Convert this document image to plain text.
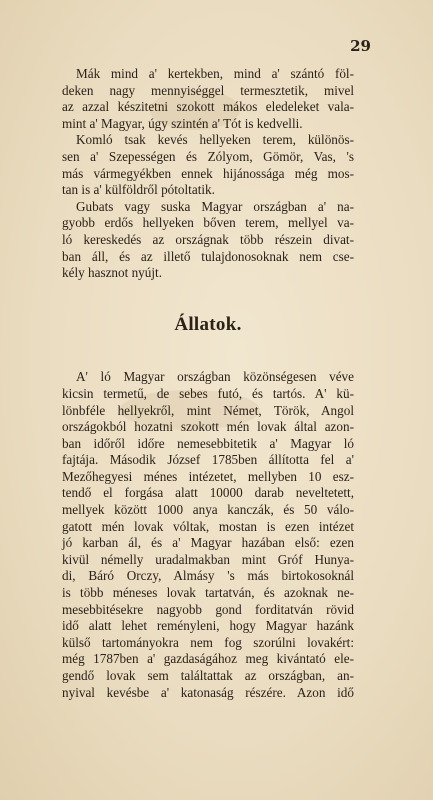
29

Mák mind a' kertekben, mind a' szántó föl-
deken nagy mennyiséggel termesztetik, mivel
az azzal készitetni szokott mákos eledeleket vala-
mint a' Magyar, úgy szintén a' Tót is kedvelli.

Komló tsak kevés hellyeken terem, különös-
sen a' Szepességen és Zólyom, Gömör, Vas, 's
más vármegyékben ennek hijánossága még mos-
tan is a' külföldről pótoltatik.

Gubats vagy suska Magyar országban a' na-
gyobb erdős hellyeken bőven terem, mellyel va-
ló kereskedés az országnak több részein divat-
ban áll, és az illető tulajdonosoknak nem cse-
kély hasznot nyújt.

Állatok.

A' ló Magyar országban közönségesen véve
kicsin termetű, de sebes futó, és tartós. A' kü-
lönbféle hellyekről, mint Német, Török, Angol
országokból hozatni szokott mén lovak által azon-
ban időről időre nemesebbitetik a' Magyar ló
fajtája. Második József 1785ben állította fel a'
Mezőhegyesi ménes intézetet, mellyben 10 esz-
tendő el forgása alatt 10000 darab neveltetett,
mellyek között 1000 anya kanczák, és 50 válo-
gatott mén lovak vóltak, mostan is ezen intézet
jó karban ál, és a' Magyar hazában első: ezen
kivül némelly uradalmakban mint Gróf Hunya-
di, Báró Orczy, Almásy 's más birtokosoknál
is több méneses lovak tartatván, és azoknak ne-
mesebbitésekre nagyobb gond forditatván rövid
idő alatt lehet reményleni, hogy Magyar hazánk
külső tartományokra nem fog szorúlni lovakért:
még 1787ben a' gazdaságához meg kivántató ele-
gendő lovak sem találtattak az országban, an-
nyival kevésbe a' katonaság részére. Azon idő
